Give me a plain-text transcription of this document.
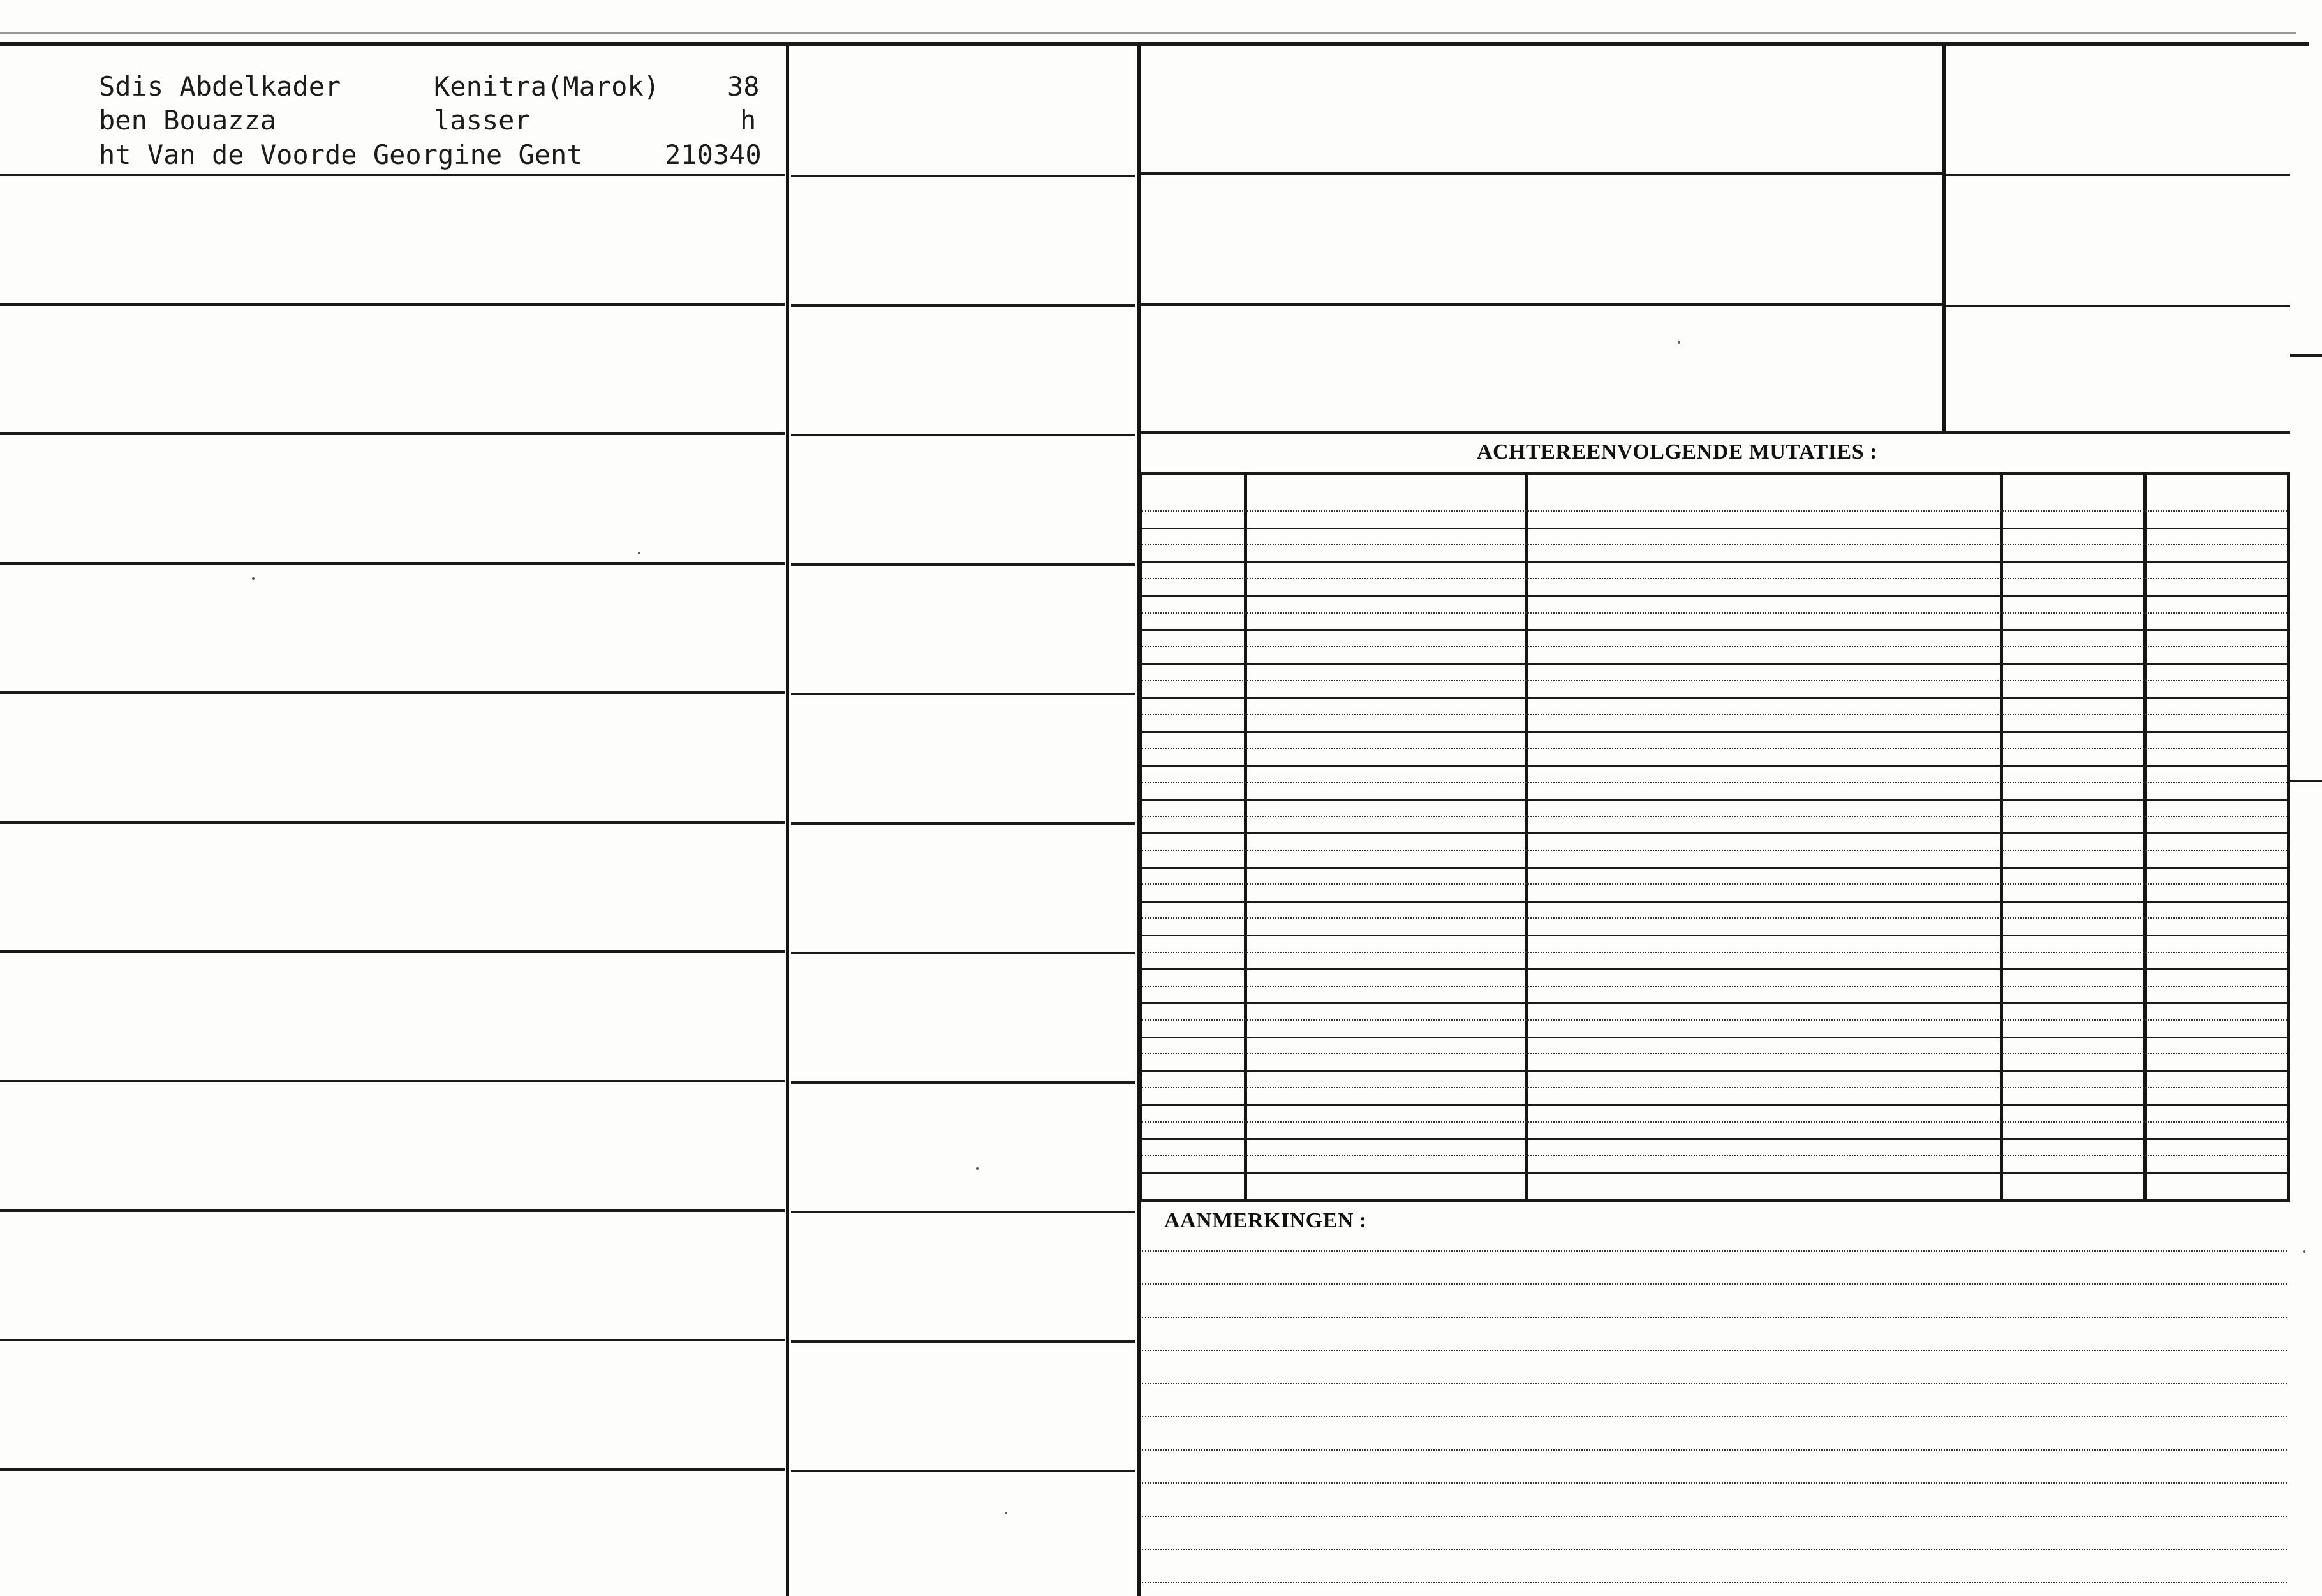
Sdis Abdelkader	Kenitra(Marok)	38
ben Bouazza	lasser	h
ht Van de Voorde Georgine Gent	210340
ACHTEREENVOLGENDE MUTATIES :
AANMERKINGEN :
